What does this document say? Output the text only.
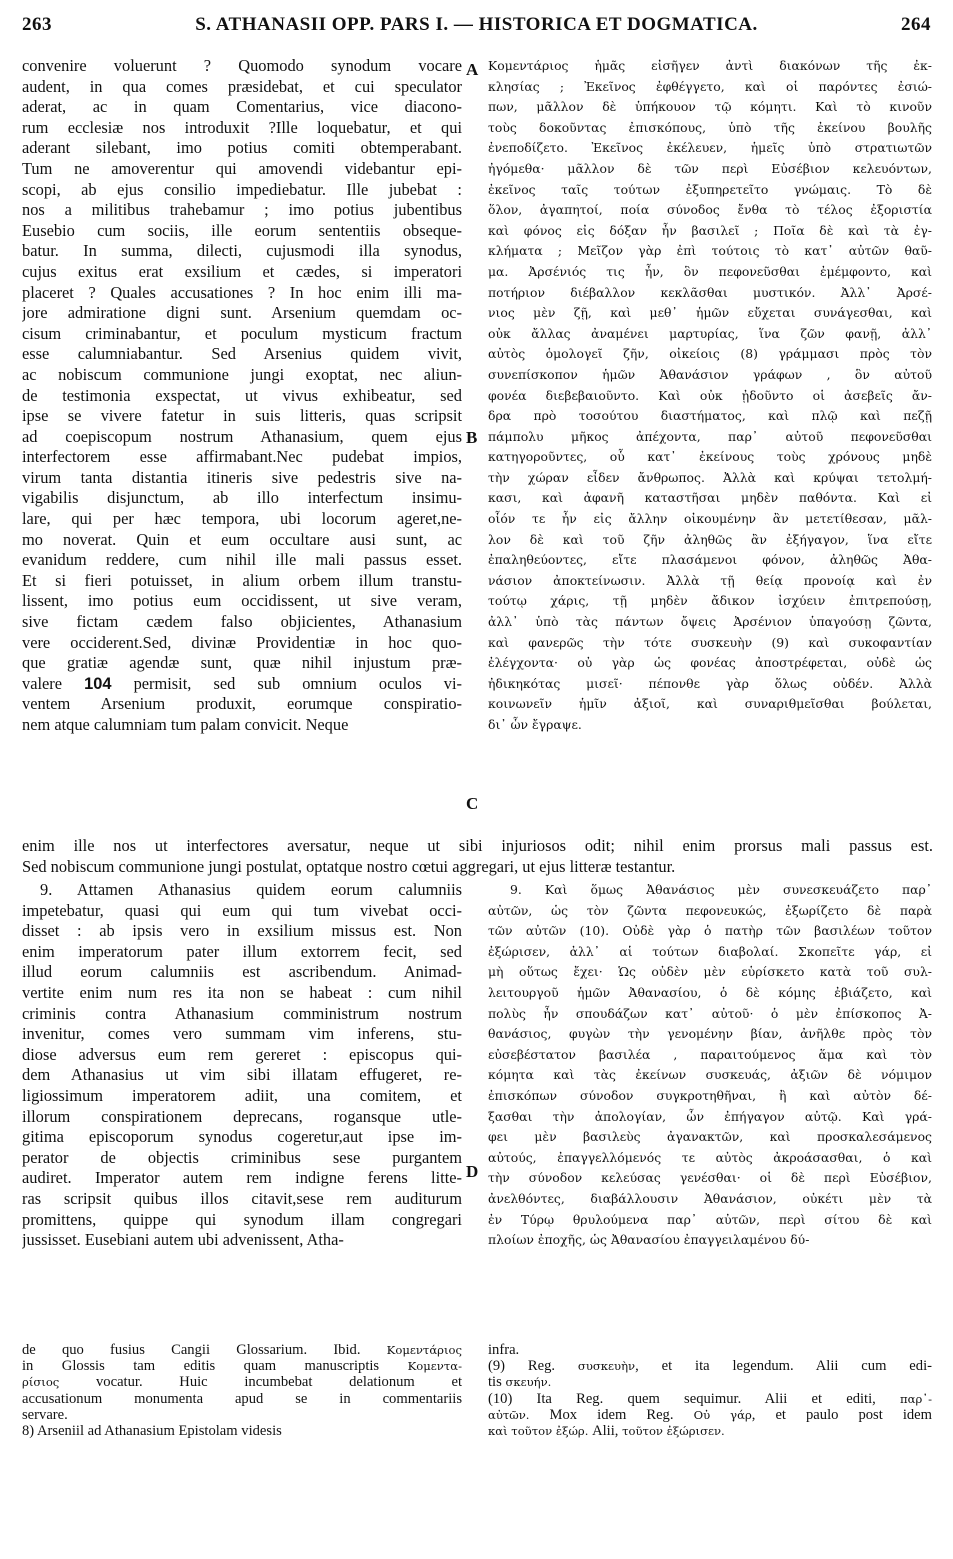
263	S. ATHANASII OPP. PARS I. — HISTORICA ET DOGMATICA.	264
A
B
C
D
convenire voluerunt ? Quomodo synodum vocare
audent, in qua comes præsidebat, et cui speculator
aderat, ac in quam Comentarius, vice diacono-
rum ecclesiæ nos introduxit ?Ille loquebatur, et qui
aderant silebant, imo potius comiti obtemperabant.
Tum ne amoverentur qui amovendi videbantur epi-
scopi, ab ejus consilio impediebatur. Ille jubebat :
nos a militibus trahebamur ; imo potius jubentibus
Eusebio cum sociis, ille eorum sententiis obseque-
batur. In summa, dilecti, cujusmodi illa synodus,
cujus exitus erat exsilium et cædes, si imperatori
placeret ? Quales accusationes ? In hoc enim illi ma-
jore admiratione digni sunt. Arsenium quemdam oc-
cisum criminabantur, et poculum mysticum fractum
esse calumniabantur. Sed Arsenius quidem vivit,
ac nobiscum communione jungi exoptat, nec aliun-
de testimonia exspectat, ut vivus exhibeatur, sed
ipse se vivere fatetur in suis litteris, quas scripsit
ad coepiscopum nostrum Athanasium, quem ejus
interfectorem esse affirmabant.Nec pudebat impios,
virum tanta distantia itineris sive pedestris sive na-
vigabilis disjunctum, ab illo interfectum insimu-
lare, qui per hæc tempora, ubi locorum ageret,ne-
mo noverat. Quin et eum occultare ausi sunt, ac
evanidum reddere, cum nihil ille mali passus esset.
Et si fieri potuisset, in alium orbem illum transtu-
lissent, imo potius eum occidissent, ut sive veram,
sive fictam cædem falso objicientes, Athanasium
vere occiderent.Sed, divinæ Providentiæ in hoc quo-
que gratiæ agendæ sunt, quæ nihil injustum præ-
valere 104 permisit, sed sub omnium oculos vi-
ventem Arsenium produxit, eorumque conspiratio-
nem atque calumniam tum palam convicit. Neque
Κομεντάριος ἡμᾶς εἰσῆγεν ἀντὶ διακόνων τῆς ἐκ-
κλησίας ; Ἐκεῖνος ἐφθέγγετο, καὶ οἱ παρόντες ἐσιώ-
πων, μᾶλλον δὲ ὑπήκουον τῷ κόμητι. Καὶ τὸ κινοῦν
τοὺς δοκοῦντας ἐπισκόπους, ὑπὸ τῆς ἐκείνου βουλῆς
ἐνεποδίζετο. Ἐκεῖνος ἐκέλευεν, ἡμεῖς ὑπὸ στρατιωτῶν
ἠγόμεθα· μᾶλλον δὲ τῶν περὶ Εὐσέβιον κελευόντων,
ἐκεῖνος ταῖς τούτων ἐξυπηρετεῖτο γνώμαις. Τὸ δὲ
ὅλον, ἀγαπητοί, ποία σύνοδος ἔνθα τὸ τέλος ἐξοριστία
καὶ φόνος εἰς δόξαν ἦν βασιλεῖ ; Ποῖα δὲ καὶ τὰ ἐγ-
κλήματα ; Μεῖζον γὰρ ἐπὶ τούτοις τὸ κατ᾽ αὐτῶν θαῦ-
μα. Ἀρσένιός τις ἦν, ὃν πεφονεῦσθαι ἐμέμφοντο, καὶ
ποτήριον διέβαλλον κεκλᾶσθαι μυστικόν. Ἀλλ᾽ Ἀρσέ-
νιος μὲν ζῇ, καὶ μεθ᾽ ἡμῶν εὔχεται συνάγεσθαι, καὶ
οὐκ ἄλλας ἀναμένει μαρτυρίας, ἵνα ζῶν φανῇ, ἀλλ᾽
αὐτὸς ὁμολογεῖ ζῆν, οἰκείοις (8) γράμμασι πρὸς τὸν
συνεπίσκοπον ἡμῶν Ἀθανάσιον γράφων , ὃν αὐτοῦ
φονέα διεβεβαιοῦντο. Καὶ οὐκ ᾐδοῦντο οἱ ἀσεβεῖς ἄν-
δρα πρὸ τοσούτου διαστήματος, καὶ πλῷ καὶ πεζῇ
πάμπολυ μῆκος ἀπέχοντα, παρ᾽ αὐτοῦ πεφονεῦσθαι
κατηγοροῦντες, οὗ κατ᾽ ἐκείνους τοὺς χρόνους μηδὲ
τὴν χώραν εἶδεν ἄνθρωπος. Ἀλλὰ καὶ κρύψαι τετολμή-
κασι, καὶ ἀφανῆ καταστῆσαι μηδὲν παθόντα. Καὶ εἰ
οἷόν τε ἦν εἰς ἄλλην οἰκουμένην ἂν μετετίθεσαν, μᾶλ-
λον δὲ καὶ τοῦ ζῆν ἀληθῶς ἂν ἐξήγαγον, ἵνα εἴτε
ἐπαληθεύοντες, εἴτε πλασάμενοι φόνον, ἀληθῶς Ἀθα-
νάσιον ἀποκτείνωσιν. Ἀλλὰ τῇ θείᾳ προνοίᾳ καὶ ἐν
τούτῳ χάρις, τῇ μηδὲν ἄδικον ἰσχύειν ἐπιτρεπούσῃ,
ἀλλ᾽ ὑπὸ τὰς πάντων ὄψεις Ἀρσένιον ὑπαγούσῃ ζῶντα,
καὶ φανερῶς τὴν τότε συσκευὴν (9) καὶ συκοφαντίαν
ἐλέγχοντα· οὐ γὰρ ὡς φονέας ἀποστρέφεται, οὐδὲ ὡς
ἠδικηκότας μισεῖ· πέπονθε γὰρ ὅλως οὐδέν. Ἀλλὰ
κοινωνεῖν ἡμῖν ἀξιοῖ, καὶ συναριθμεῖσθαι βούλεται,
δι᾽ ὧν ἔγραψε.
enim ille nos ut interfectores aversatur, neque ut sibi injuriosos odit; nihil enim prorsus mali passus est.
Sed nobiscum communione jungi postulat, optatque nostro cœtui aggregari, ut ejus litteræ testantur.
9. Attamen Athanasius quidem eorum calumniis
impetebatur, quasi qui eum qui tum vivebat occi-
disset : ab ipsis vero in exsilium missus est. Non
enim imperatorum pater illum extorrem fecit, sed
illud eorum calumniis est ascribendum. Animad-
vertite enim num res ita non se habeat : cum nihil
criminis contra Athanasium comministrum nostrum
invenitur, comes vero summam vim inferens, stu-
diose adversus eum rem gereret : episcopus qui-
dem Athanasius ut vim sibi illatam effugeret, re-
ligiossimum imperatorem adiit, una comitem, et
illorum conspirationem deprecans, rogansque utle-
gitima episcoporum synodus cogeretur,aut ipse im-
perator de objectis criminibus sese purgantem
audiret. Imperator autem rem indigne ferens litte-
ras scripsit quibus illos citavit,sese rem auditurum
promittens, quippe qui synodum illam congregari
jussisset. Eusebiani autem ubi advenissent, Atha-
9. Καὶ ὅμως Ἀθανάσιος μὲν συνεσκευάζετο παρ᾽
αὐτῶν, ὡς τὸν ζῶντα πεφονευκώς, ἐξωρίζετο δὲ παρὰ
τῶν αὐτῶν (10). Οὐδὲ γὰρ ὁ πατὴρ τῶν βασιλέων τοῦτον
ἐξώρισεν, ἀλλ᾽ αἱ τούτων διαβολαί. Σκοπεῖτε γάρ, εἰ
μὴ οὕτως ἔχει· Ὡς οὐδὲν μὲν εὑρίσκετο κατὰ τοῦ συλ-
λειτουργοῦ ἡμῶν Ἀθανασίου, ὁ δὲ κόμης ἐβιάζετο, καὶ
πολὺς ἦν σπουδάζων κατ᾽ αὐτοῦ· ὁ μὲν ἐπίσκοπος Ἀ-
θανάσιος, φυγὼν τὴν γενομένην βίαν, ἀνῆλθε πρὸς τὸν
εὐσεβέστατον βασιλέα , παραιτούμενος ἅμα καὶ τὸν
κόμητα καὶ τὰς ἐκείνων συσκευάς, ἀξιῶν δὲ νόμιμον
ἐπισκόπων σύνοδον συγκροτηθῆναι, ἢ καὶ αὐτὸν δέ-
ξασθαι τὴν ἀπολογίαν, ὧν ἐπήγαγον αὐτῷ. Καὶ γρά-
φει μὲν βασιλεὺς ἀγανακτῶν, καὶ προσκαλεσάμενος
αὐτούς, ἐπαγγελλόμενός τε αὐτὸς ἀκροάσασθαι, ὁ καὶ
τὴν σύνοδον κελεύσας γενέσθαι· οἱ δὲ περὶ Εὐσέβιον,
ἀνελθόντες, διαβάλλουσιν Ἀθανάσιον, οὐκέτι μὲν τὰ
ἐν Τύρῳ θρυλούμενα παρ᾽ αὐτῶν, περὶ σίτου δὲ καὶ
πλοίων ἐποχῆς, ὡς Ἀθανασίου ἐπαγγειλαμένου δύ-
de quo fusius Cangii Glossarium. Ibid. Κομεντάριος
in Glossis tam editis quam manuscriptis Κομεντα-
ρίσιος	vocatur. Huic incumbebat delationum et
accusationum monumenta apud se in commentariis
servare.
8) Arseniil ad Athanasium Epistolam videsis
infra.
(9) Reg. συσκευὴν, et ita legendum. Alii cum edi-
tis σκευήν.
(10) Ita Reg. quem sequimur. Alii et editi, παρ᾽-
αὐτῶν. Mox idem Reg. Οὐ γάρ, et paulo post idem
καὶ τοῦτον ἐξώρ. Alii, τοῦτον ἐξώρισεν.
